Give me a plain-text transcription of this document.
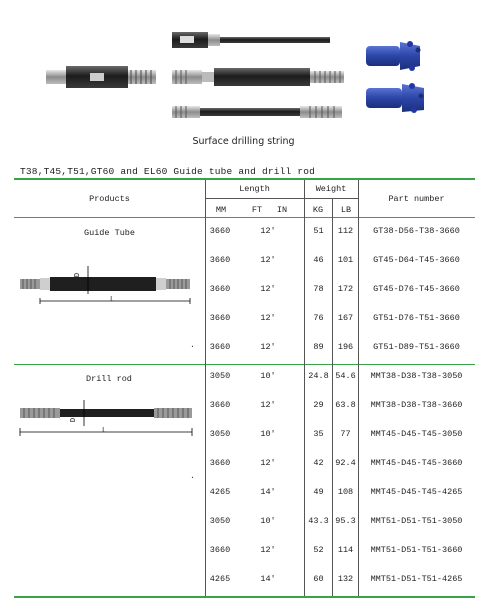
Surface drilling string
T38,T45,T51,GT60 and EL60 Guide tube and drill rod
Products
Length	Weight
Part number
MM	FT IN	KG	LB
Guide Tube
Drill rod
.
.
D
L
D
L
3660	12'	51	112	GT38-D56-T38-3660
3660	12'	46	101	GT45-D64-T45-3660
3660	12'	78	172	GT45-D76-T45-3660
3660	12'	76	167	GT51-D76-T51-3660
3660	12'	89	196	GT51-D89-T51-3660
3050	10'	24.8 54.6	MMT38-D38-T38-3050
3660	12'	29	63.8	MMT38-D38-T38-3660
3050	10'	35	77	MMT45-D45-T45-3050
3660	12'	42	92.4	MMT45-D45-T45-3660
4265	14'	49	108	MMT45-D45-T45-4265
3050	10'	43.3 95.3	MMT51-D51-T51-3050
3660	12'	52	114	MMT51-D51-T51-3660
4265	14'	60	132	MMT51-D51-T51-4265
